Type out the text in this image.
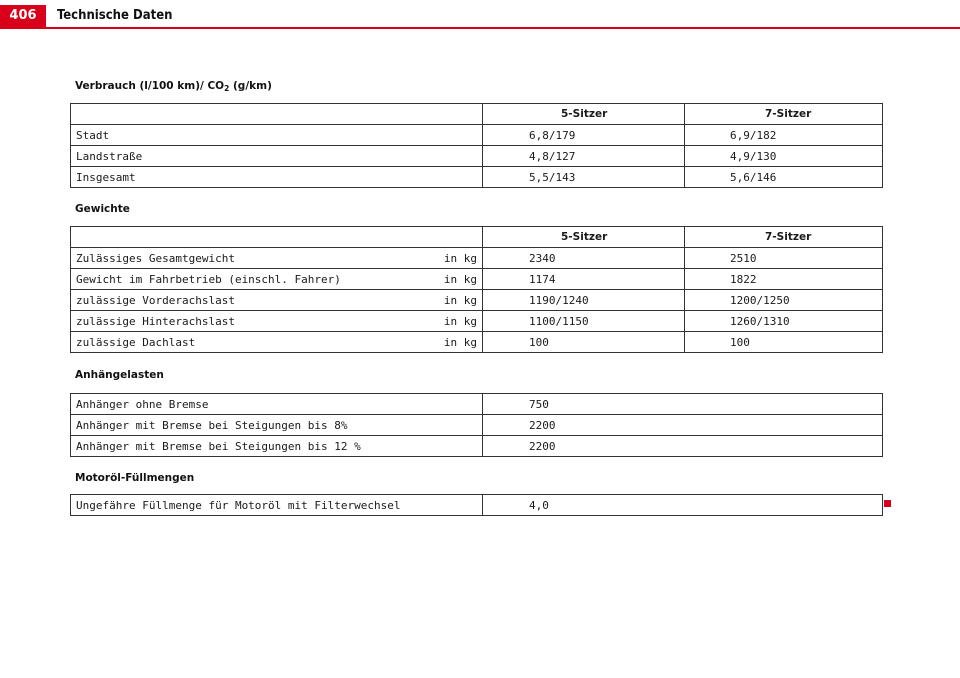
406	Technische Daten
Verbrauch (l/100 km)/ $CO_2$ (g/km)
	5-Sitzer	7-Sitzer
Stadt	6,8/179	6,9/182
Landstraße	4,8/127	4,9/130
Insgesamt	5,5/143	5,6/146
Gewichte
	5-Sitzer	7-Sitzer

Zulässiges Gesamtgewicht in kg	2340	2510

Gewicht im Fahrbetrieb (einschl. Fahrer) in kg	1174	1822

zulässige Vorderachslast in kg	1190/1240	1200/1250

zulässige Hinterachslast in kg	1100/1150	1260/1310

zulässige Dachlast in kg	100	100
Anhängelasten
Anhänger ohne Bremse	750
Anhänger mit Bremse bei Steigungen bis 8%	2200
Anhänger mit Bremse bei Steigungen bis 12 %	2200
Motoröl-Füllmengen
Ungefähre Füllmenge für Motoröl mit Filterwechsel	4,0
